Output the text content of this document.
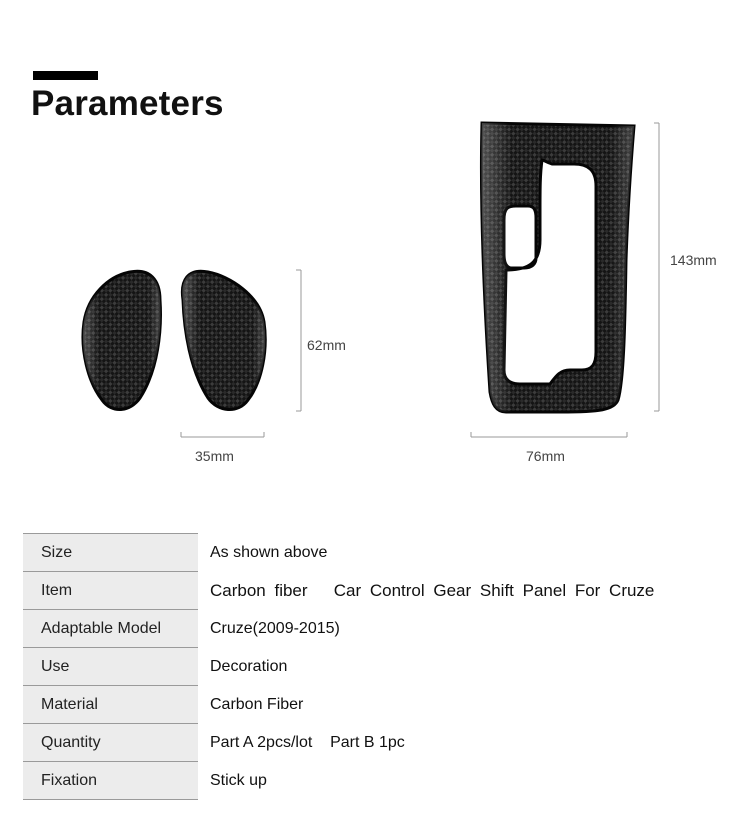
Parameters
62mm
35mm
143mm
76mm
Size	As shown above
Item	Carbon fiber   Car Control Gear Shift Panel For Cruze
Adaptable Model	Cruze(2009-2015)
Use	Decoration
Material	Carbon Fiber
Quantity	Part A 2pcs/lot    Part B 1pc
Fixation	Stick up
